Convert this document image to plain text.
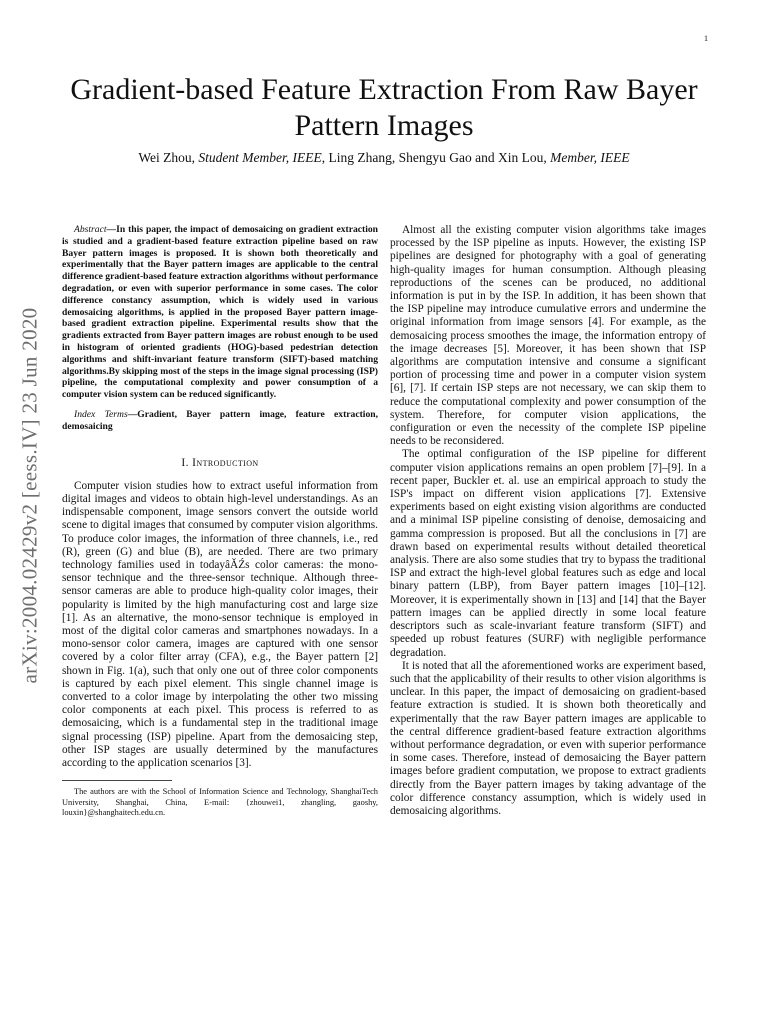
1
arXiv:2004.02429v2 [eess.IV] 23 Jun 2020
Gradient-based Feature Extraction From Raw Bayer Pattern Images
Wei Zhou, Student Member, IEEE, Ling Zhang, Shengyu Gao and Xin Lou, Member, IEEE

Abstract—In this paper, the impact of demosaicing on gradient extraction is studied and a gradient-based feature extraction pipeline based on raw Bayer pattern images is proposed. It is shown both theoretically and experimentally that the Bayer pattern images are applicable to the central difference gradient-based feature extraction algorithms without performance degradation, or even with superior performance in some cases. The color difference constancy assumption, which is widely used in various demosaicing algorithms, is applied in the proposed Bayer pattern image-based gradient extraction pipeline. Experimental results show that the gradients extracted from Bayer pattern images are robust enough to be used in histogram of oriented gradients (HOG)-based pedestrian detection algorithms and shift-invariant feature transform (SIFT)-based matching algorithms.By skipping most of the steps in the image signal processing (ISP) pipeline, the computational complexity and power consumption of a computer vision system can be reduced significantly.

Index Terms—Gradient, Bayer pattern image, feature extraction, demosaicing

I. Introduction

Computer vision studies how to extract useful information from digital images and videos to obtain high-level understandings. As an indispensable component, image sensors convert the outside world scene to digital images that consumed by computer vision algorithms. To produce color images, the information of three channels, i.e., red (R), green (G) and blue (B), are needed. There are two primary technology families used in todayâĂŹs color cameras: the mono-sensor technique and the three-sensor technique. Although three-sensor cameras are able to produce high-quality color images, their popularity is limited by the high manufacturing cost and large size [1]. As an alternative, the mono-sensor technique is employed in most of the digital color cameras and smartphones nowadays. In a mono-sensor color camera, images are captured with one sensor covered by a color filter array (CFA), e.g., the Bayer pattern [2] shown in Fig. 1(a), such that only one out of three color components is captured by each pixel element. This single channel image is converted to a color image by interpolating the other two missing color components at each pixel. This process is referred to as demosaicing, which is a fundamental step in the traditional image signal processing (ISP) pipeline. Apart from the demosaicing step, other ISP stages are usually determined by the manufactures according to the application scenarios [3].

The authors are with the School of Information Science and Technology, ShanghaiTech University, Shanghai, China, E-mail: {zhouwei1, zhangling, gaoshy, louxin}@shanghaitech.edu.cn.

Almost all the existing computer vision algorithms take images processed by the ISP pipeline as inputs. However, the existing ISP pipelines are designed for photography with a goal of generating high-quality images for human consumption. Although pleasing reproductions of the scenes can be produced, no additional information is put in by the ISP. In addition, it has been shown that the ISP pipeline may introduce cumulative errors and undermine the original information from image sensors [4]. For example, as the demosaicing process smoothes the image, the information entropy of the image decreases [5]. Moreover, it has been shown that ISP algorithms are computation intensive and consume a significant portion of processing time and power in a computer vision system [6], [7]. If certain ISP steps are not necessary, we can skip them to reduce the computational complexity and power consumption of the system. Therefore, for computer vision applications, the configuration or even the necessity of the complete ISP pipeline needs to be reconsidered.

The optimal configuration of the ISP pipeline for different computer vision applications remains an open problem [7]–[9]. In a recent paper, Buckler et. al. use an empirical approach to study the ISP's impact on different vision applications [7]. Extensive experiments based on eight existing vision algorithms are conducted and a minimal ISP pipeline consisting of denoise, demosaicing and gamma compression is proposed. But all the conclusions in [7] are drawn based on experimental results without detailed theoretical analysis. There are also some studies that try to bypass the traditional ISP and extract the high-level global features such as edge and local binary pattern (LBP), from Bayer pattern images [10]–[12]. Moreover, it is experimentally shown in [13] and [14] that the Bayer pattern images can be applied directly in some local feature descriptors such as scale-invariant feature transform (SIFT) and speeded up robust features (SURF) with negligible performance degradation.

It is noted that all the aforementioned works are experiment based, such that the applicability of their results to other vision algorithms is unclear. In this paper, the impact of demosaicing on gradient-based feature extraction is studied. It is shown both theoretically and experimentally that the raw Bayer pattern images are applicable to the central difference gradient-based feature extraction algorithms without performance degradation, or even with superior performance in some cases. Therefore, instead of demosaicing the Bayer pattern images before gradient computation, we propose to extract gradients directly from the Bayer pattern images by taking advantage of the color difference constancy assumption, which is widely used in demosaicing algorithms.
